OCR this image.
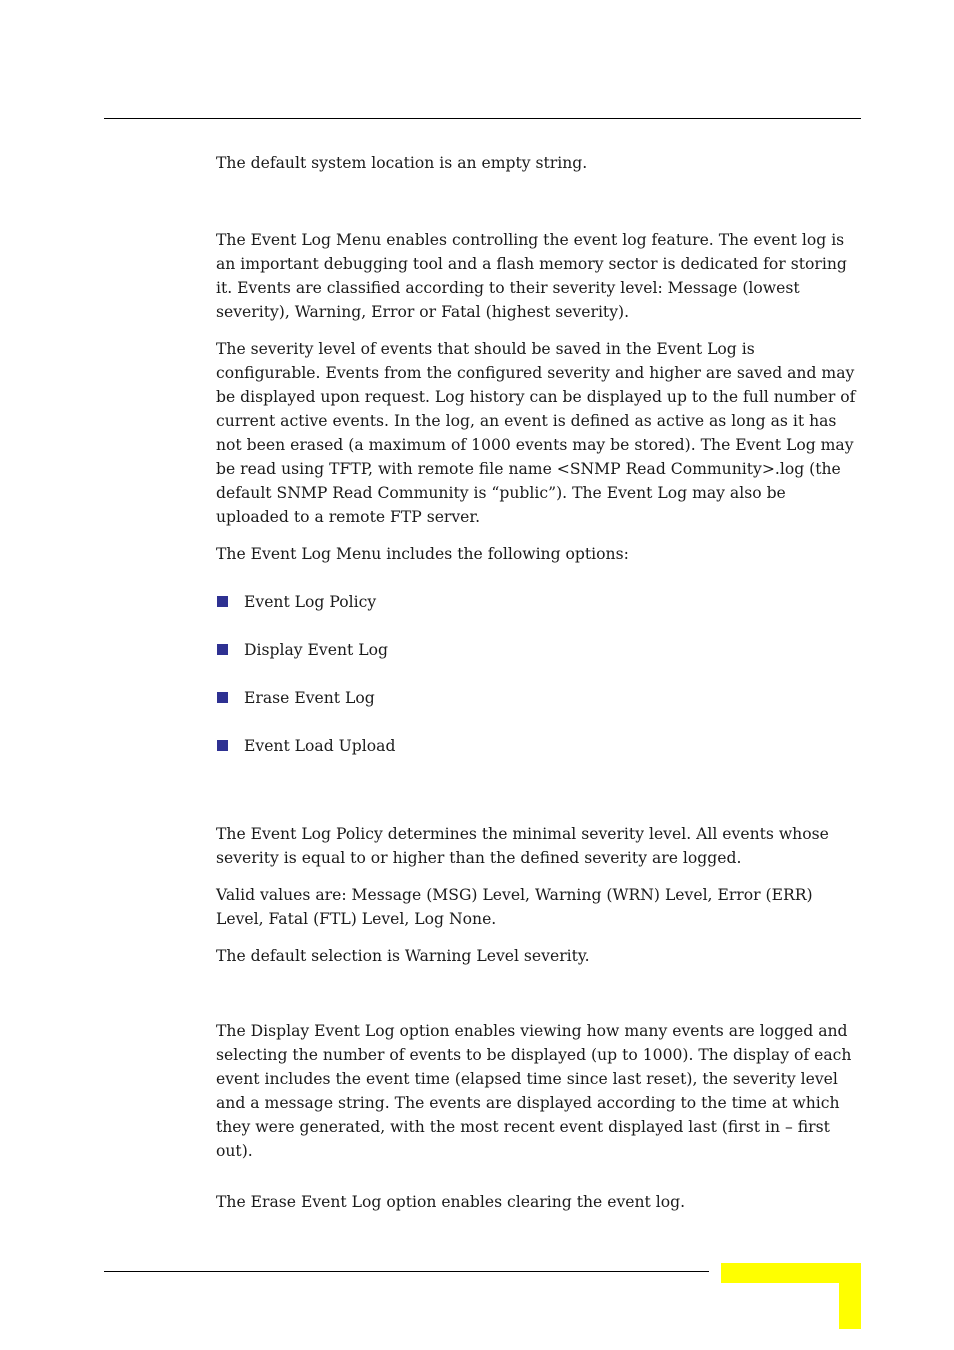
The default system location is an empty string.

The Event Log Menu enables controlling the event log feature. The event log is an important debugging tool and a flash memory sector is dedicated for storing it. Events are classified according to their severity level: Message (lowest severity), Warning, Error or Fatal (highest severity).

The severity level of events that should be saved in the Event Log is configurable. Events from the configured severity and higher are saved and may be displayed upon request. Log history can be displayed up to the full number of current active events. In the log, an event is defined as active as long as it has not been erased (a maximum of 1000 events may be stored). The Event Log may be read using TFTP, with remote file name <SNMP Read Community>.log (the default SNMP Read Community is “public”). The Event Log may also be uploaded to a remote FTP server.

The Event Log Menu includes the following options:

Event Log Policy
Display Event Log
Erase Event Log
Event Load Upload

The Event Log Policy determines the minimal severity level. All events whose severity is equal to or higher than the defined severity are logged.

Valid values are: Message (MSG) Level, Warning (WRN) Level, Error (ERR) Level, Fatal (FTL) Level, Log None.

The default selection is Warning Level severity.

The Display Event Log option enables viewing how many events are logged and selecting the number of events to be displayed (up to 1000). The display of each event includes the event time (elapsed time since last reset), the severity level and a message string. The events are displayed according to the time at which they were generated, with the most recent event displayed last (first in – first out).

The Erase Event Log option enables clearing the event log.
